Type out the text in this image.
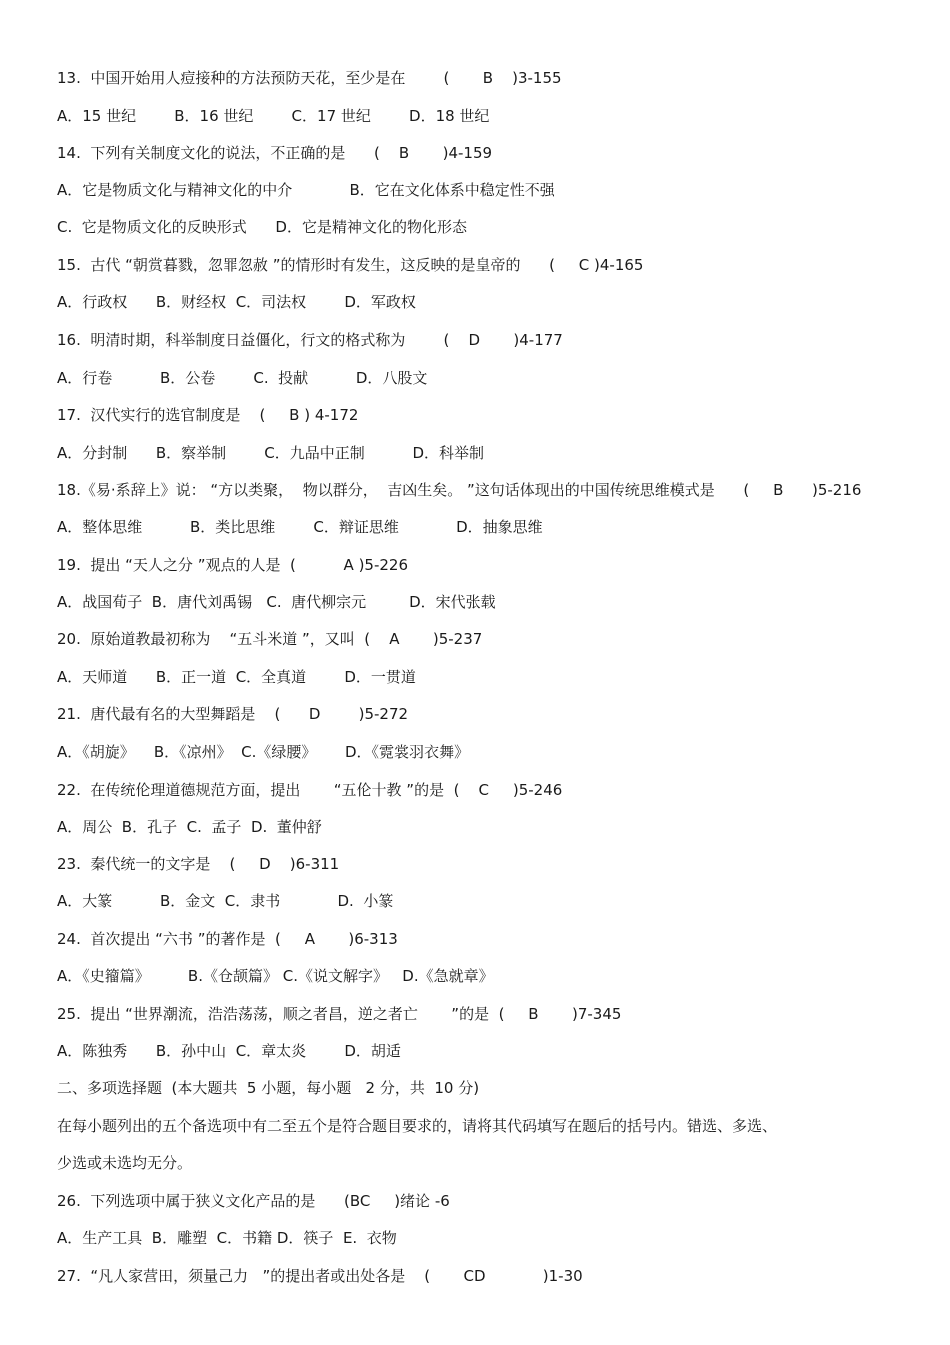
13.  中国开始用人痘接种的方法预防天花，至少是在        (       B    )3-155
A．15 世纪        B．16 世纪        C．17 世纪        D．18 世纪
14.  下列有关制度文化的说法，不正确的是      (    B       )4-159
A．它是物质文化与精神文化的中介            B．它在文化体系中稳定性不强
C.  它是物质文化的反映形式      D．它是精神文化的物化形态
15.  古代 “朝赏暮戮，忽罪忽赦 ”的情形时有发生，这反映的是皇帝的      (     C )4-165
A．行政权      B．财经权  C．司法权        D．军政权
16.  明清时期，科举制度日益僵化，行文的格式称为        (    D       )4-177
A．行卷          B．公卷        C.  投献          D．八股文
17.  汉代实行的选官制度是    (     B ) 4-172
A．分封制      B．察举制        C．九品中正制          D．科举制
18.《易·系辞上》说： “方以类聚，  物以群分，  吉凶生矣。 ”这句话体现出的中国传统思维模式是      (     B      )5-216
A．整体思维          B．类比思维        C．辩证思维            D．抽象思维
19.  提出 “天人之分 ”观点的人是  (          A )5-226
A．战国荀子  B．唐代刘禹锡   C.  唐代柳宗元         D．宋代张载
20.  原始道教最初称为    “五斗米道 ”，又叫  (    A       )5-237
A．天师道      B．正一道  C．全真道        D．一贯道
21.  唐代最有名的大型舞蹈是    (      D        )5-272
A．《胡旋》    B．《凉州》  C.《绿腰》      D．《霓裳羽衣舞》
22.  在传统伦理道德规范方面，提出       “五伦十教 ”的是  (    C     )5-246
A．周公  B．孔子  C.  孟子  D.  董仲舒
23.  秦代统一的文字是    (     D    )6-311
A．大篆          B．金文  C．隶书            D.  小篆
24.  首次提出 “六书 ”的著作是  (     A       )6-313
A．《史籀篇》        B.《仓颉篇》 C.《说文解字》   D.《急就章》
25.  提出 “世界潮流，浩浩荡荡，顺之者昌，逆之者亡       ”的是  (     B       )7-345
A．陈独秀      B．孙中山  C．章太炎        D．胡适
二、多项选择题  (本大题共  5 小题，每小题   2 分，共  10 分)
在每小题列出的五个备选项中有二至五个是符合题目要求的，请将其代码填写在题后的括号内。错选、多选、
少选或未选均无分。
26.  下列选项中属于狭义文化产品的是      (BC     )绪论 -6
A．生产工具  B．雕塑  C．书籍 D．筷子  E.  衣物
27.  “凡人家营田，须量己力   ”的提出者或出处各是    (       CD            )1-30
